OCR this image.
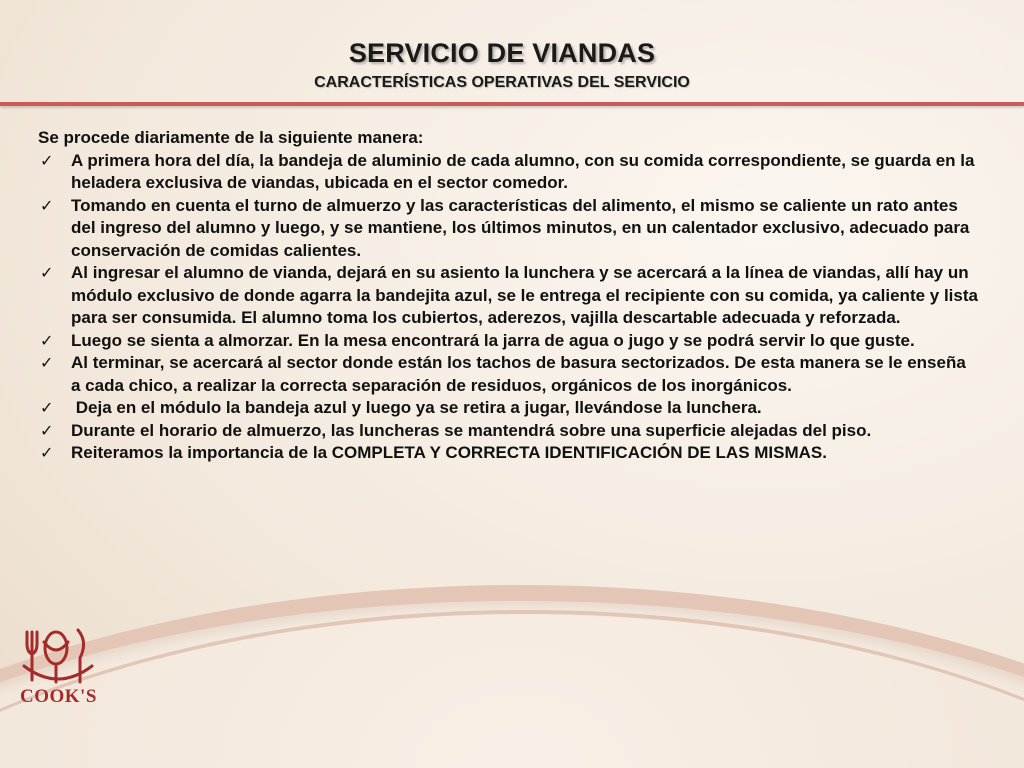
SERVICIO DE VIANDAS
CARACTERÍSTICAS OPERATIVAS DEL SERVICIO

Se procede diariamente de la siguiente manera:

✓ A primera hora del día, la bandeja de aluminio de cada alumno, con su comida correspondiente, se guarda en la heladera exclusiva de viandas, ubicada en el sector comedor.
✓ Tomando en cuenta el turno de almuerzo y las características del alimento, el mismo se caliente un rato antes del ingreso del alumno y luego, y se mantiene, los últimos minutos, en un calentador exclusivo, adecuado para conservación de comidas calientes.
✓ Al ingresar el alumno de vianda, dejará en su asiento la lunchera y se acercará a la línea de viandas, allí hay un módulo exclusivo de donde agarra la bandejita azul, se le entrega el recipiente con su comida, ya caliente y lista para ser consumida. El alumno toma los cubiertos, aderezos, vajilla descartable adecuada y reforzada.
✓ Luego se sienta a almorzar. En la mesa encontrará la jarra de agua o jugo y se podrá servir lo que guste.
✓ Al terminar, se acercará al sector donde están los tachos de basura sectorizados. De esta manera se le enseña a cada chico, a realizar la correcta separación de residuos, orgánicos de los inorgánicos.
✓ Deja en el módulo la bandeja azul y luego ya se retira a jugar, llevándose la lunchera.
✓ Durante el horario de almuerzo, las luncheras se mantendrá sobre una superficie alejadas del piso.
✓ Reiteramos la importancia de la COMPLETA Y CORRECTA IDENTIFICACIÓN DE LAS MISMAS.
COOK'S
